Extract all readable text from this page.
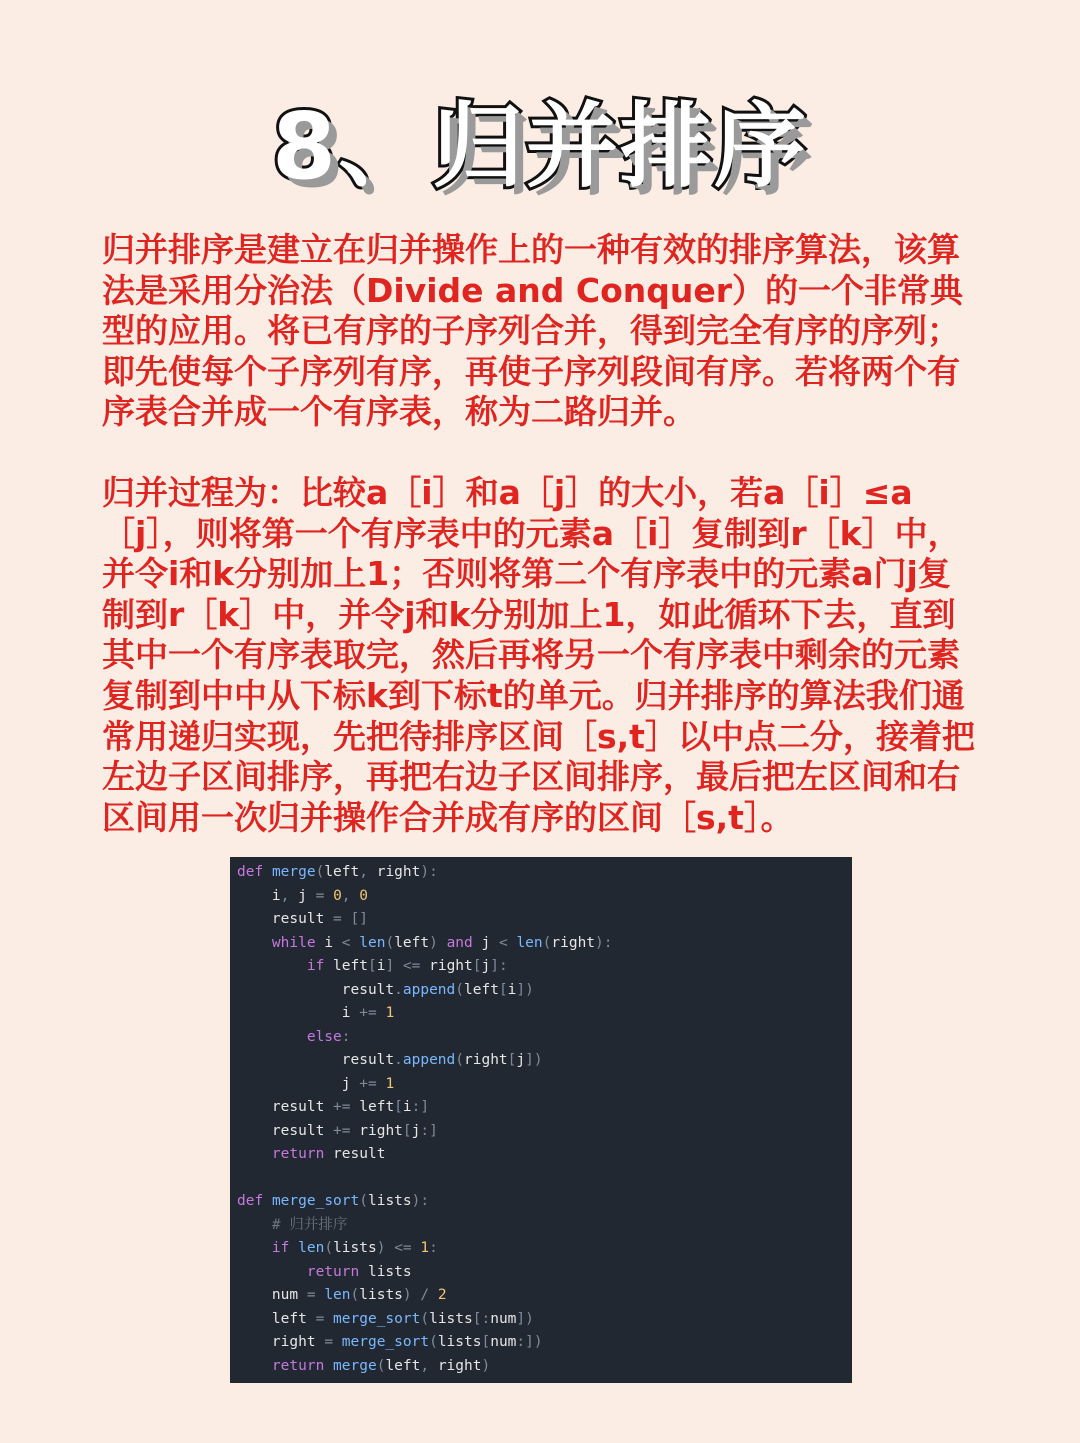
8、归并排序

归并排序是建立在归并操作上的一种有效的排序算法，该算法是采用分治法（Divide and Conquer）的一个非常典型的应用。将已有序的子序列合并，得到完全有序的序列；即先使每个子序列有序，再使子序列段间有序。若将两个有序表合并成一个有序表，称为二路归并。

归并过程为：比较a［i］和a［j］的大小，若a［i］≤a［j］，则将第一个有序表中的元素a［i］复制到r［k］中，并令i和k分别加上1；否则将第二个有序表中的元素a门j复制到r［k］中，并令j和k分别加上1，如此循环下去，直到其中一个有序表取完，然后再将另一个有序表中剩余的元素复制到中中从下标k到下标t的单元。归并排序的算法我们通常用递归实现，先把待排序区间［s,t］以中点二分，接着把左边子区间排序，再把右边子区间排序，最后把左区间和右区间用一次归并操作合并成有序的区间［s,t］。

def merge(left, right):
i, j = 0, 0
result = []
while i < len(left) and j < len(right):
if left[i] <= right[j]:
result.append(left[i])
i += 1
else:
result.append(right[j])
j += 1
result += left[i:]
result += right[j:]
return result
def merge_sort(lists):
# 归并排序
if len(lists) <= 1:
return lists
num = len(lists) / 2
left = merge_sort(lists[:num])
right = merge_sort(lists[num:])
return merge(left, right)
